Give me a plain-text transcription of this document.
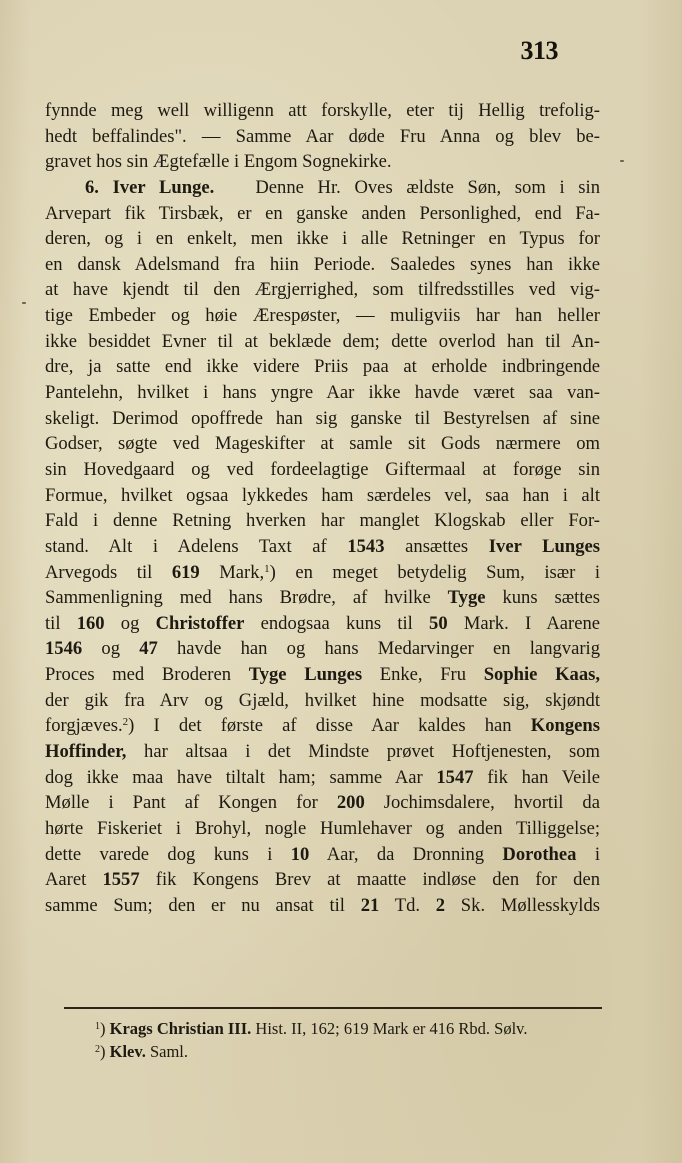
313
fynnde meg well willigenn att forskylle, eter tij Hellig trefolig-
hedt beffalindes". — Samme Aar døde Fru Anna og blev be-
gravet hos sin Ægtefælle i Engom Sognekirke.
6. Iver Lunge. Denne Hr. Oves ældste Søn, som i sin
Arvepart fik Tirsbæk, er en ganske anden Personlighed, end Fa-
deren, og i en enkelt, men ikke i alle Retninger en Typus for
en dansk Adelsmand fra hiin Periode. Saaledes synes han ikke
at have kjendt til den Ærgjerrighed, som tilfredsstilles ved vig-
tige Embeder og høie Ærespøster, — muligviis har han heller
ikke besiddet Evner til at beklæde dem; dette overlod han til An-
dre, ja satte end ikke videre Priis paa at erholde indbringende
Pantelehn, hvilket i hans yngre Aar ikke havde været saa van-
skeligt. Derimod opoffrede han sig ganske til Bestyrelsen af sine
Godser, søgte ved Mageskifter at samle sit Gods nærmere om
sin Hovedgaard og ved fordeelagtige Giftermaal at forøge sin
Formue, hvilket ogsaa lykkedes ham særdeles vel, saa han i alt
Fald i denne Retning hverken har manglet Klogskab eller For-
stand. Alt i Adelens Taxt af 1543 ansættes Iver Lunges
Arvegods til 619 Mark,$^1$) en meget betydelig Sum, især i
Sammenligning med hans Brødre, af hvilke Tyge kuns sættes
til 160 og Christoffer endogsaa kuns til 50 Mark. I Aarene
1546 og 47 havde han og hans Medarvinger en langvarig
Proces med Broderen Tyge Lunges Enke, Fru Sophie Kaas,
der gik fra Arv og Gjæld, hvilket hine modsatte sig, skjøndt
forgjæves.$^2$) I det første af disse Aar kaldes han Kongens
Hoffinder, har altsaa i det Mindste prøvet Hoftjenesten, som
dog ikke maa have tiltalt ham; samme Aar 1547 fik han Veile
Mølle i Pant af Kongen for 200 Jochimsdalere, hvortil da
hørte Fiskeriet i Brohyl, nogle Humlehaver og anden Tilliggelse;
dette varede dog kuns i 10 Aar, da Dronning Dorothea i
Aaret 1557 fik Kongens Brev at maatte indløse den for den
samme Sum; den er nu ansat til 21 Td. 2 Sk. Møllesskylds
$^1$) Krags Christian III. Hist. II, 162; 619 Mark er 416 Rbd. Sølv.
$^2$) Klev. Saml.
